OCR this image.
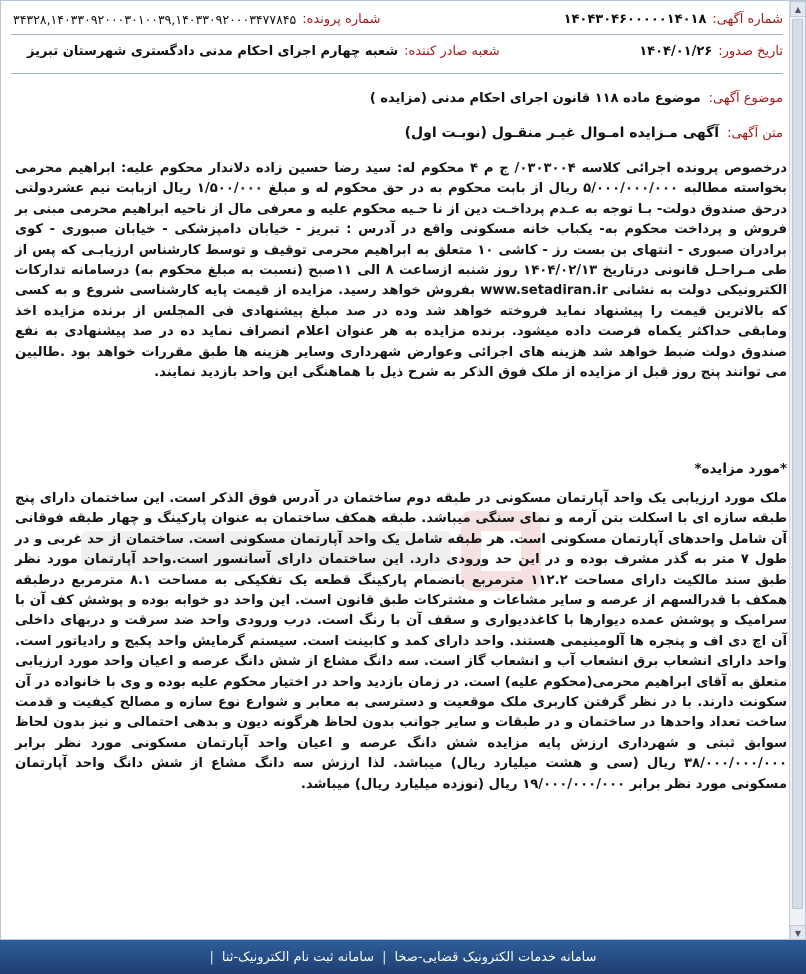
شماره آگهی:
۱۴۰۴۳۰۴۶۰۰۰۰۰۱۴۰۱۸
شماره پرونده:
۳۴۳۲۸,۱۴۰۳۳۰۹۲۰۰۰۳۰۱۰۰۳۹,۱۴۰۳۳۰۹۲۰۰۰۳۴۷۷۸۴۵
تاریخ صدور:
۱۴۰۴/۰۱/۲۶
شعبه صادر کننده:
شعبه چهارم اجرای احکام مدنی دادگستری شهرستان تبریز
موضوع آگهی:
موضوع ماده ۱۱۸ قانون اجرای احکام مدنی (مزایده )
متن آگهی:
آگهی مـزایده امـوال غیـر منقـول (نوبـت اول)
درخصوص پرونده اجرائی کلاسه ۰۳۰۳۰۰۴/ ج م ۴ محکوم له: سید رضا حسین زاده دلاندار محکوم علیه: ابراهیم محرمی بخواسته مطالبه ۵/۰۰۰/۰۰۰/۰۰۰ ریال از بابت محکوم به در حق محکوم له و مبلغ ۱/۵۰۰/۰۰۰ ریال ازبابت نیم عشردولتی درحق صندوق دولت- بـا توجه به عـدم پرداخـت دین از نا حـیه محکوم علیه و معرفی مال از ناحیه ابراهیم محرمی مبنی بر فروش و پرداخت محکوم به- یکباب خانه مسکونی واقع در آدرس : تبریز - خیابان دامپزشکی - خیابان صبوری - کوی برادران صبوری - انتهای بن بست رز - کاشی ۱۰ متعلق به ابراهیم محرمی توقیف و توسط کارشناس ارزیابـی که پس از طی مـراحـل قانونی درتاریخ ۱۴۰۴/۰۲/۱۳ روز شنبه ازساعت ۸ الی ۱۱صبح (نسبت به مبلغ محکوم به) درسامانه تدارکات الکترونیکی دولت به نشانی www.setadiran.ir بفروش خواهد رسید. مزایده از قیمت پایه کارشناسی شروع و به کسی که بالاترین قیمت را پیشنهاد نماید فروخته خواهد شد وده در صد مبلغ پیشنهادی فی المجلس از برنده مزایده اخذ ومابقی حداکثر یکماه فرصت داده میشود. برنده مزایده به هر عنوان اعلام انصراف نماید ده در صد پیشنهادی به نفع صندوق دولت ضبط خواهد شد هزینه های اجرائی وعوارض شهرداری وسایر هزینه ها طبق مقررات خواهد بود .طالبین می توانند پنج روز قبل از مزایده از ملک فوق الذکر به شرح ذیل با هماهنگی این واحد بازدید نمایند.
*مورد مزایده*
ملک مورد ارزیابی یک واحد آپارتمان مسکونی در طبقه دوم ساختمان در آدرس فوق الذکر است. این ساختمان دارای پنج طبقه سازه ای با اسکلت بتن آرمه و نمای سنگی میباشد. طبقه همکف ساختمان به عنوان پارکینگ و چهار طبقه فوقانی آن شامل واحدهای آپارتمان مسکونی است. هر طبقه شامل یک واحد آپارتمان مسکونی است. ساختمان از حد غربی و در طول ۷ متر به گذر مشرف بوده و در این حد ورودی دارد. این ساختمان دارای آسانسور است.واحد آپارتمان مورد نظر طبق سند مالکیت دارای مساحت ۱۱۲.۲ مترمربع بانضمام پارکینگ قطعه یک تفکیکی به مساحت ۸.۱ مترمربع درطبقه همکف با قدرالسهم از عرصه و سایر مشاعات و مشترکات طبق قانون است. این واحد دو خوابه بوده و پوشش کف آن با سرامیک و پوشش عمده دیوارها با کاغذدیواری و سقف آن با رنگ است. درب ورودی واحد ضد سرقت و دربهای داخلی آن اچ دی اف و پنجره ها آلومینیمی هستند. واحد دارای کمد و کابینت است. سیستم گرمایش واحد پکیج و رادیاتور است. واحد دارای انشعاب برق انشعاب آب و انشعاب گاز است. سه دانگ مشاع از شش دانگ عرصه و اعیان واحد مورد ارزیابی متعلق به آقای ابراهیم محرمی(محکوم علیه) است. در زمان بازدید واحد در اختیار محکوم علیه بوده و وی با خانواده در آن سکونت دارند. با در نظر گرفتن کاربری ملک موقعیت و دسترسی به معابر و شوارع نوع سازه و مصالح کیفیت و قدمت ساخت تعداد واحدها در ساختمان و در طبقات و سایر جوانب بدون لحاظ هرگونه دیون و بدهی احتمالی و نیز بدون لحاظ سوابق ثبتی و شهرداری ارزش پایه مزایده شش دانگ عرصه و اعیان واحد آپارتمان مسکونی مورد نظر برابر ۳۸/۰۰۰/۰۰۰/۰۰۰ ریال (سی و هشت میلیارد ریال) میباشد. لذا ارزش سه دانگ مشاع از شش دانگ واحد آپارتمان مسکونی مورد نظر برابر ۱۹/۰۰۰/۰۰۰/۰۰۰ ریال (نوزده میلیارد ریال) میباشد.
▲
▼
سامانه خدمات الکترونیک قضایی-صخا
|
سامانه ثبت نام الکترونیک-ثنا
|
